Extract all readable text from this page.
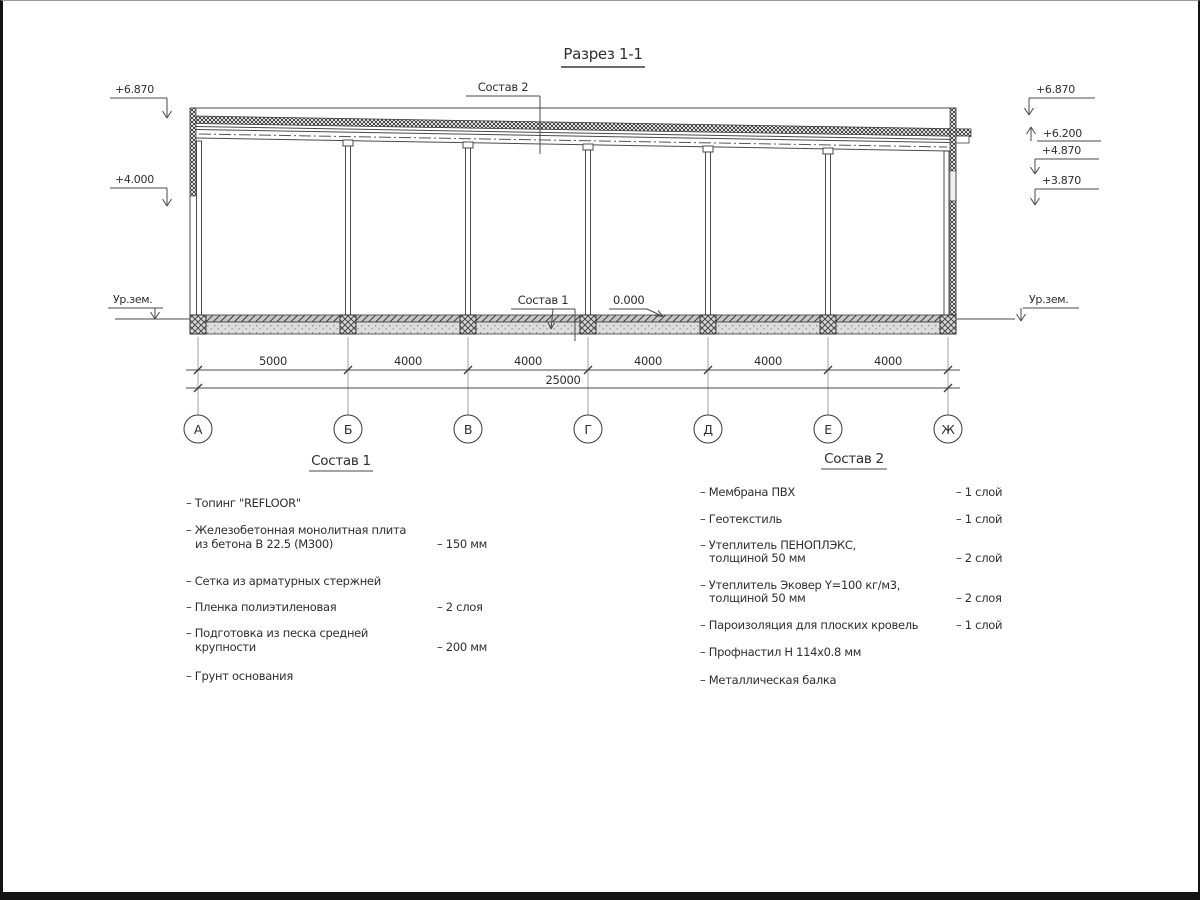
Разрез 1-1
+6.870
+4.000
Ур.зем.
+6.870
+6.200
+4.870
+3.870
Ур.зем.
Состав 2
Состав 1	0.000
5000	4000	4000	4000	4000	4000
25000
А	Б	В	Г	Д	Е	Ж
Состав 1
– Топинг "REFLOOR"
– Железобетонная монолитная плита
из бетона В 22.5 (М300)	– 150 мм
– Сетка из арматурных стержней
– Пленка полиэтиленовая	– 2 слоя
– Подготовка из песка средней
крупности	– 200 мм
– Грунт основания
Состав 2
– Мембрана ПВХ	– 1 слой
– Геотекстиль	– 1 слой
– Утеплитель ПЕНОПЛЭКС,
толщиной 50 мм	– 2 слой
– Утеплитель Эковер Y=100 кг/м3,
толщиной 50 мм	– 2 слоя
– Пароизоляция для плоских кровель	– 1 слой
– Профнастил Н 114х0.8 мм
– Металлическая балка
